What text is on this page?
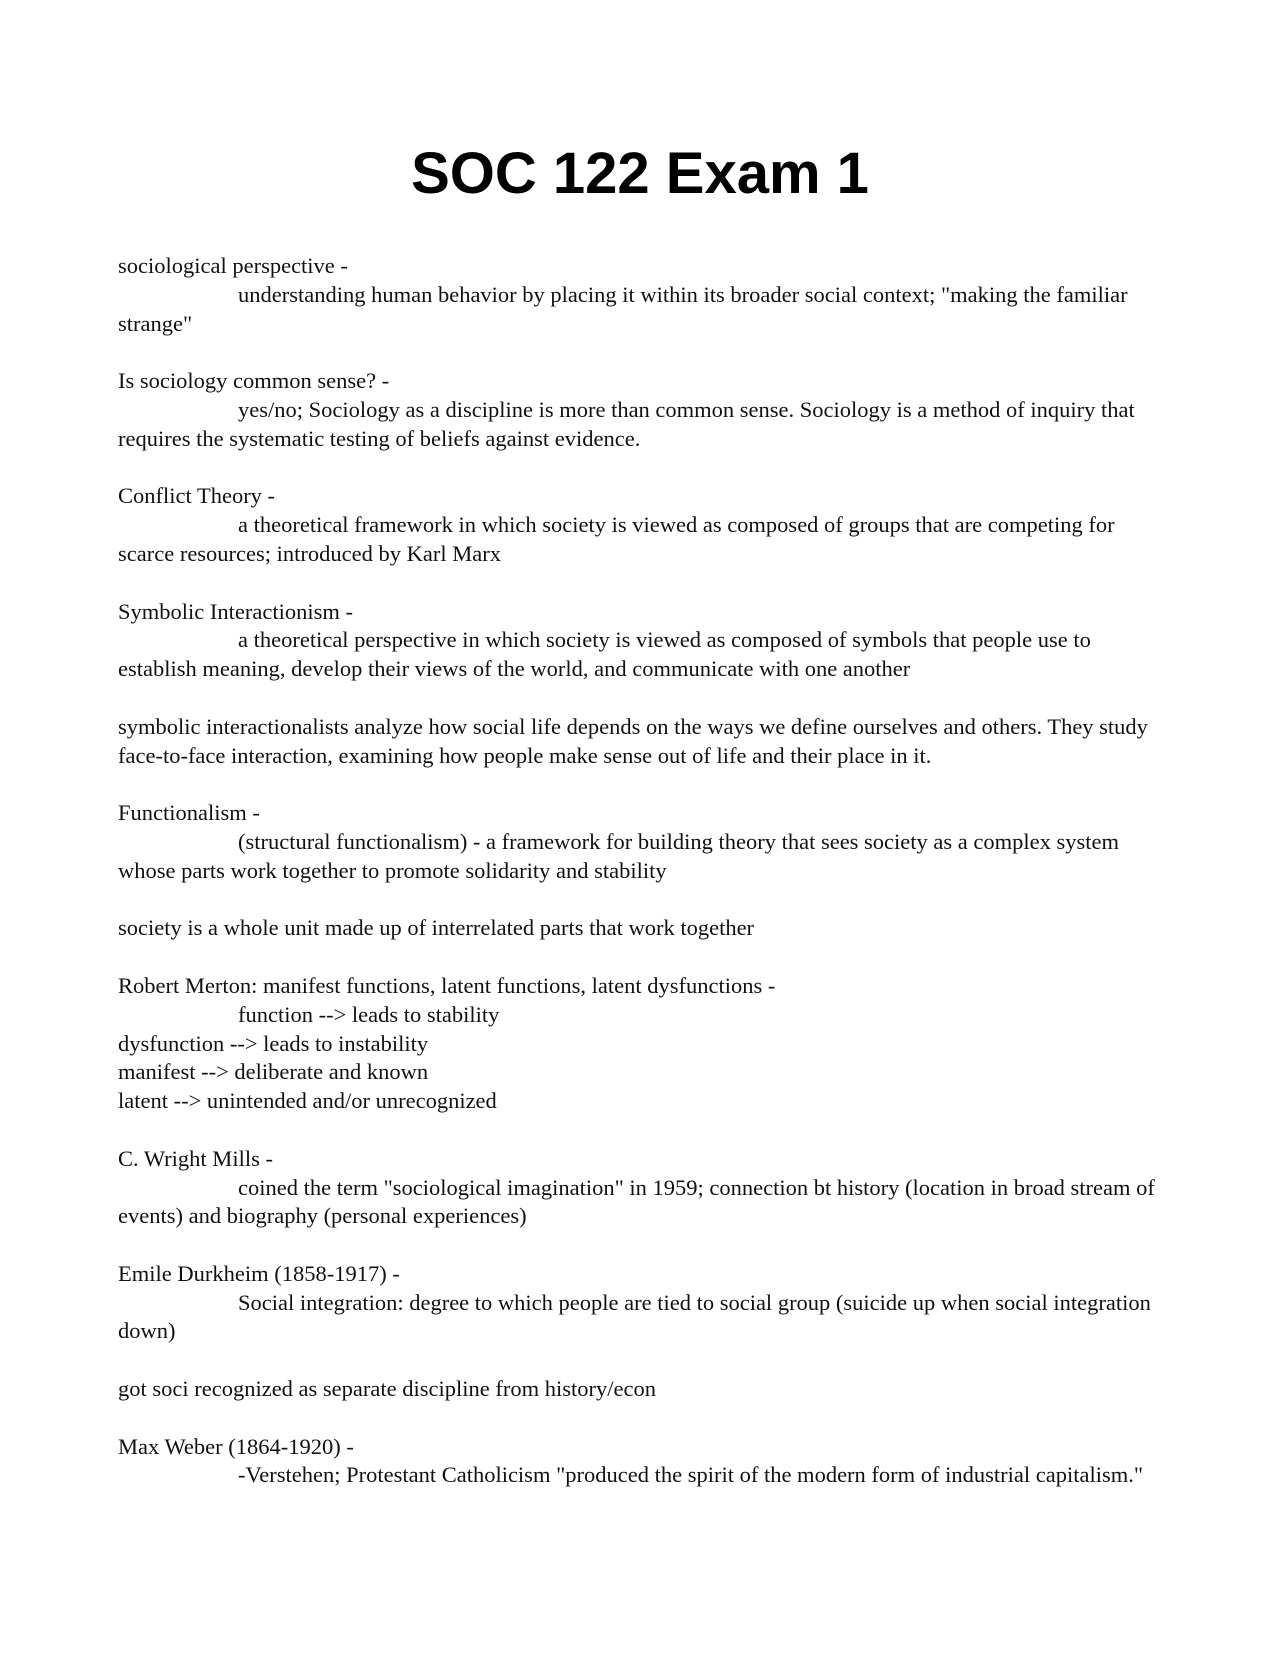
SOC 122 Exam 1
sociological perspective -
understanding human behavior by placing it within its broader social context; "making the familiar strange"
Is sociology common sense? -
yes/no; Sociology as a discipline is more than common sense. Sociology is a method of inquiry that requires the systematic testing of beliefs against evidence.
Conflict Theory -
a theoretical framework in which society is viewed as composed of groups that are competing for scarce resources; introduced by Karl Marx
Symbolic Interactionism -
a theoretical perspective in which society is viewed as composed of symbols that people use to establish meaning, develop their views of the world, and communicate with one another
symbolic interactionalists analyze how social life depends on the ways we define ourselves and others. They study face-to-face interaction, examining how people make sense out of life and their place in it.
Functionalism -
(structural functionalism) - a framework for building theory that sees society as a complex system whose parts work together to promote solidarity and stability
society is a whole unit made up of interrelated parts that work together
Robert Merton: manifest functions, latent functions, latent dysfunctions -
function --> leads to stability
dysfunction --> leads to instability
manifest --> deliberate and known
latent --> unintended and/or unrecognized
C. Wright Mills -
coined the term "sociological imagination" in 1959; connection bt history (location in broad stream of events) and biography (personal experiences)
Emile Durkheim (1858-1917) -
Social integration: degree to which people are tied to social group (suicide up when social integration down)
got soci recognized as separate discipline from history/econ
Max Weber (1864-1920) -
-Verstehen; Protestant Catholicism "produced the spirit of the modern form of industrial capitalism."
